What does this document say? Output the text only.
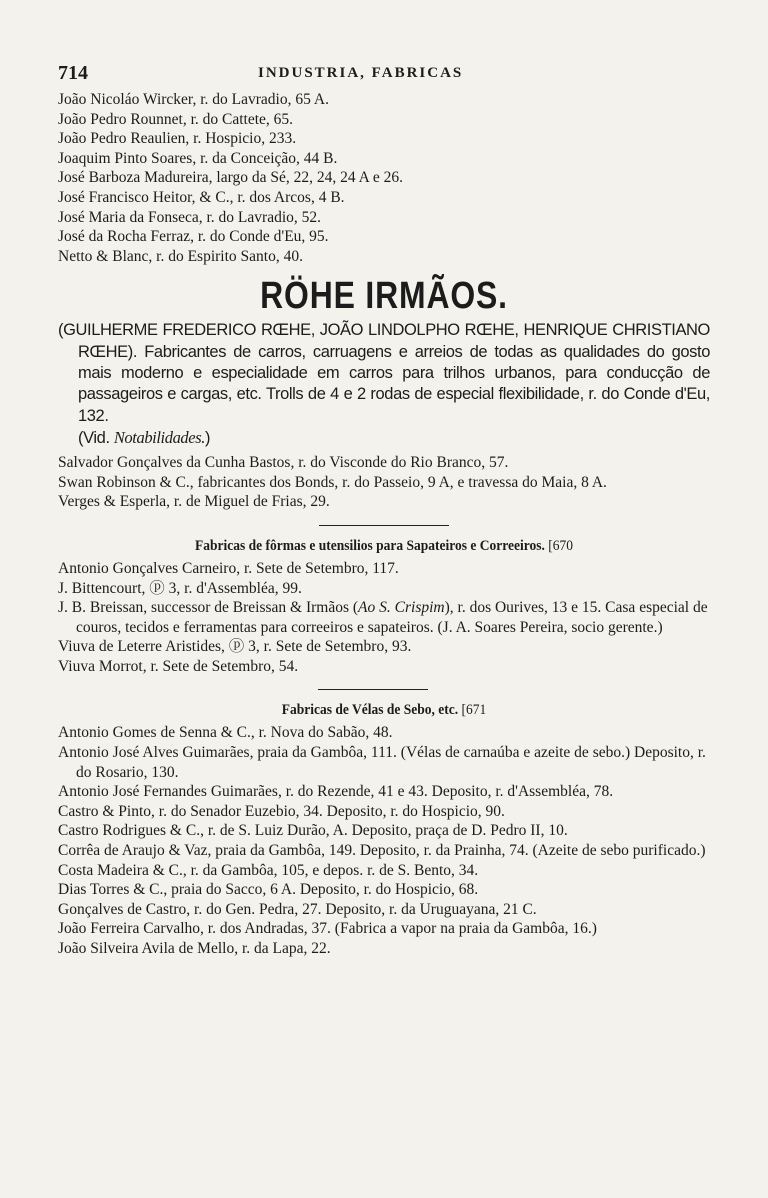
714	INDUSTRIA, FABRICAS
João Nicoláo Wircker, r. do Lavradio, 65 A.
João Pedro Rounnet, r. do Cattete, 65.
João Pedro Reaulien, r. Hospicio, 233.
Joaquim Pinto Soares, r. da Conceição, 44 B.
José Barboza Madureira, largo da Sé, 22, 24, 24 A e 26.
José Francisco Heitor, & C., r. dos Arcos, 4 B.
José Maria da Fonseca, r. do Lavradio, 52.
José da Rocha Ferraz, r. do Conde d'Eu, 95.
Netto & Blanc, r. do Espirito Santo, 40.
RÖHE IRMÃOS.
(GUILHERME FREDERICO RŒHE, JOÃO LINDOLPHO RŒHE, HENRIQUE CHRISTIANO RŒHE). Fabricantes de carros, carruagens e arreios de todas as qualidades do gosto mais moderno e especialidade em carros para trilhos urbanos, para conducção de passageiros e cargas, etc. Trolls de 4 e 2 rodas de especial flexibilidade, r. do Conde d'Eu, 132.
(Vid. Notabilidades.)
Salvador Gonçalves da Cunha Bastos, r. do Visconde do Rio Branco, 57.
Swan Robinson & C., fabricantes dos Bonds, r. do Passeio, 9 A, e travessa do Maia, 8 A.
Verges & Esperla, r. de Miguel de Frias, 29.
Fabricas de fôrmas e utensilios para Sapateiros e Correeiros. [670
Antonio Gonçalves Carneiro, r. Sete de Setembro, 117.
J. Bittencourt, ⓟ 3, r. d'Assembléa, 99.
J. B. Breissan, successor de Breissan & Irmãos (Ao S. Crispim), r. dos Ourives, 13 e 15. Casa especial de couros, tecidos e ferramentas para correeiros e sapateiros. (J. A. Soares Pereira, socio gerente.)
Viuva de Leterre Aristides, ⓟ 3, r. Sete de Setembro, 93.
Viuva Morrot, r. Sete de Setembro, 54.
Fabricas de Vélas de Sebo, etc. [671
Antonio Gomes de Senna & C., r. Nova do Sabão, 48.
Antonio José Alves Guimarães, praia da Gambôa, 111. (Vélas de carnaúba e azeite de sebo.) Deposito, r. do Rosario, 130.
Antonio José Fernandes Guimarães, r. do Rezende, 41 e 43. Deposito, r. d'Assembléa, 78.
Castro & Pinto, r. do Senador Euzebio, 34. Deposito, r. do Hospicio, 90.
Castro Rodrigues & C., r. de S. Luiz Durão, A. Deposito, praça de D. Pedro II, 10.
Corrêa de Araujo & Vaz, praia da Gambôa, 149. Deposito, r. da Prainha, 74. (Azeite de sebo purificado.)
Costa Madeira & C., r. da Gambôa, 105, e depos. r. de S. Bento, 34.
Dias Torres & C., praia do Sacco, 6 A. Deposito, r. do Hospicio, 68.
Gonçalves de Castro, r. do Gen. Pedra, 27. Deposito, r. da Uruguayana, 21 C.
João Ferreira Carvalho, r. dos Andradas, 37. (Fabrica a vapor na praia da Gambôa, 16.)
João Silveira Avila de Mello, r. da Lapa, 22.
